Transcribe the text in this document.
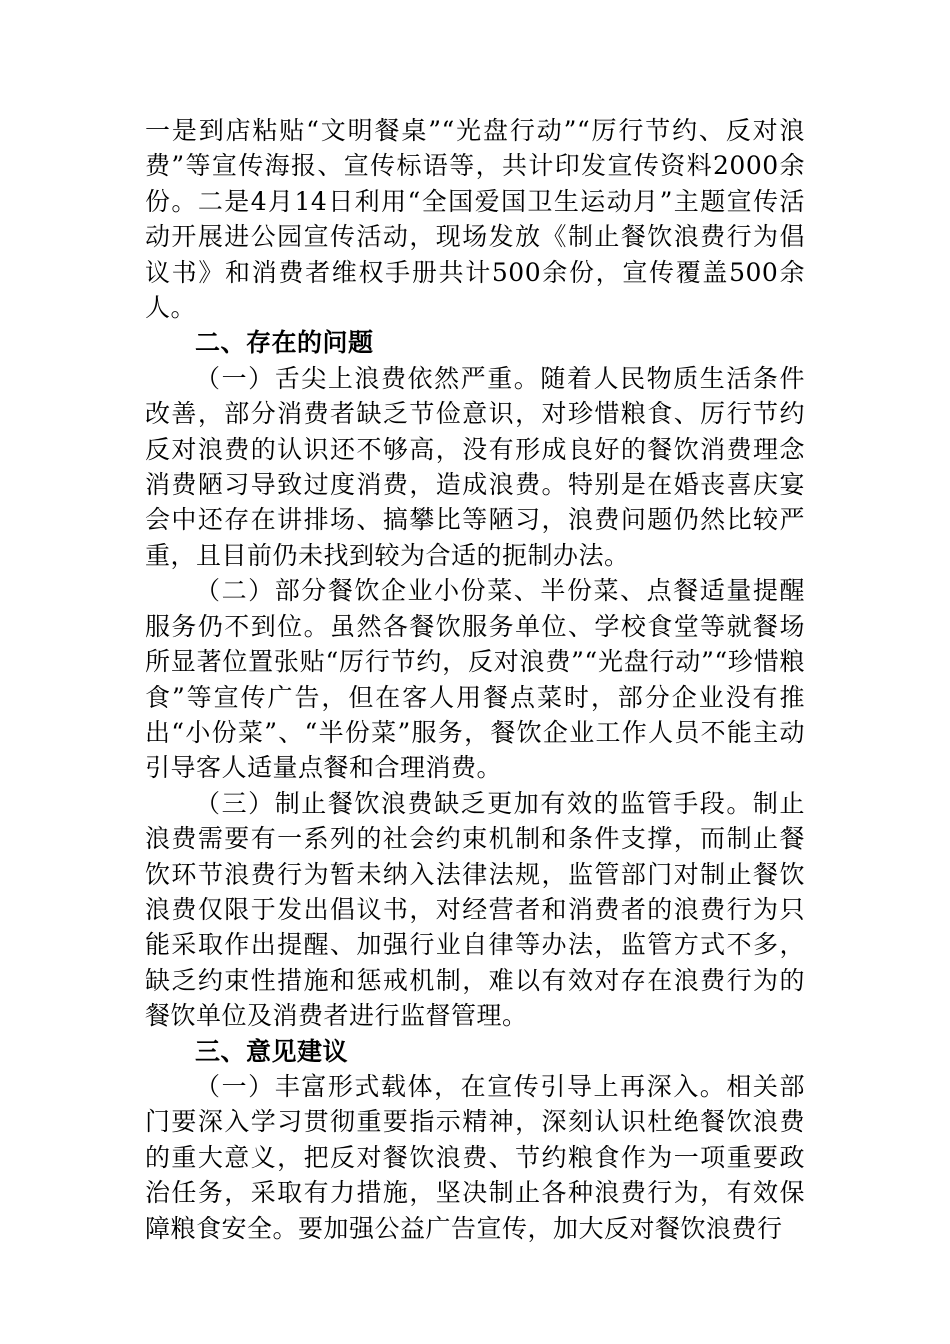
一是到店粘贴“文明餐桌”“光盘行动”“厉行节约、反对浪费”等宣传海报、宣传标语等，共计印发宣传资料2000余份。二是4月14日利用“全国爱国卫生运动月”主题宣传活动开展进公园宣传活动，现场发放《制止餐饮浪费行为倡议书》和消费者维权手册共计500余份，宣传覆盖500余人。

二、存在的问题

（一）舌尖上浪费依然严重。随着人民物质生活条件改善，部分消费者缺乏节俭意识，对珍惜粮食、厉行节约反对浪费的认识还不够高，没有形成良好的餐饮消费理念消费陋习导致过度消费，造成浪费。特别是在婚丧喜庆宴会中还存在讲排场、搞攀比等陋习，浪费问题仍然比较严重，且目前仍未找到较为合适的扼制办法。

（二）部分餐饮企业小份菜、半份菜、点餐适量提醒服务仍不到位。虽然各餐饮服务单位、学校食堂等就餐场所显著位置张贴“厉行节约，反对浪费”“光盘行动”“珍惜粮食”等宣传广告，但在客人用餐点菜时，部分企业没有推出“小份菜”、“半份菜”服务，餐饮企业工作人员不能主动引导客人适量点餐和合理消费。

（三）制止餐饮浪费缺乏更加有效的监管手段。制止浪费需要有一系列的社会约束机制和条件支撑，而制止餐饮环节浪费行为暂未纳入法律法规，监管部门对制止餐饮浪费仅限于发出倡议书，对经营者和消费者的浪费行为只能采取作出提醒、加强行业自律等办法，监管方式不多，缺乏约束性措施和惩戒机制，难以有效对存在浪费行为的餐饮单位及消费者进行监督管理。

三、意见建议

（一）丰富形式载体，在宣传引导上再深入。相关部门要深入学习贯彻重要指示精神，深刻认识杜绝餐饮浪费的重大意义，把反对餐饮浪费、节约粮食作为一项重要政治任务，采取有力措施，坚决制止各种浪费行为，有效保障粮食安全。要加强公益广告宣传，加大反对餐饮浪费行
